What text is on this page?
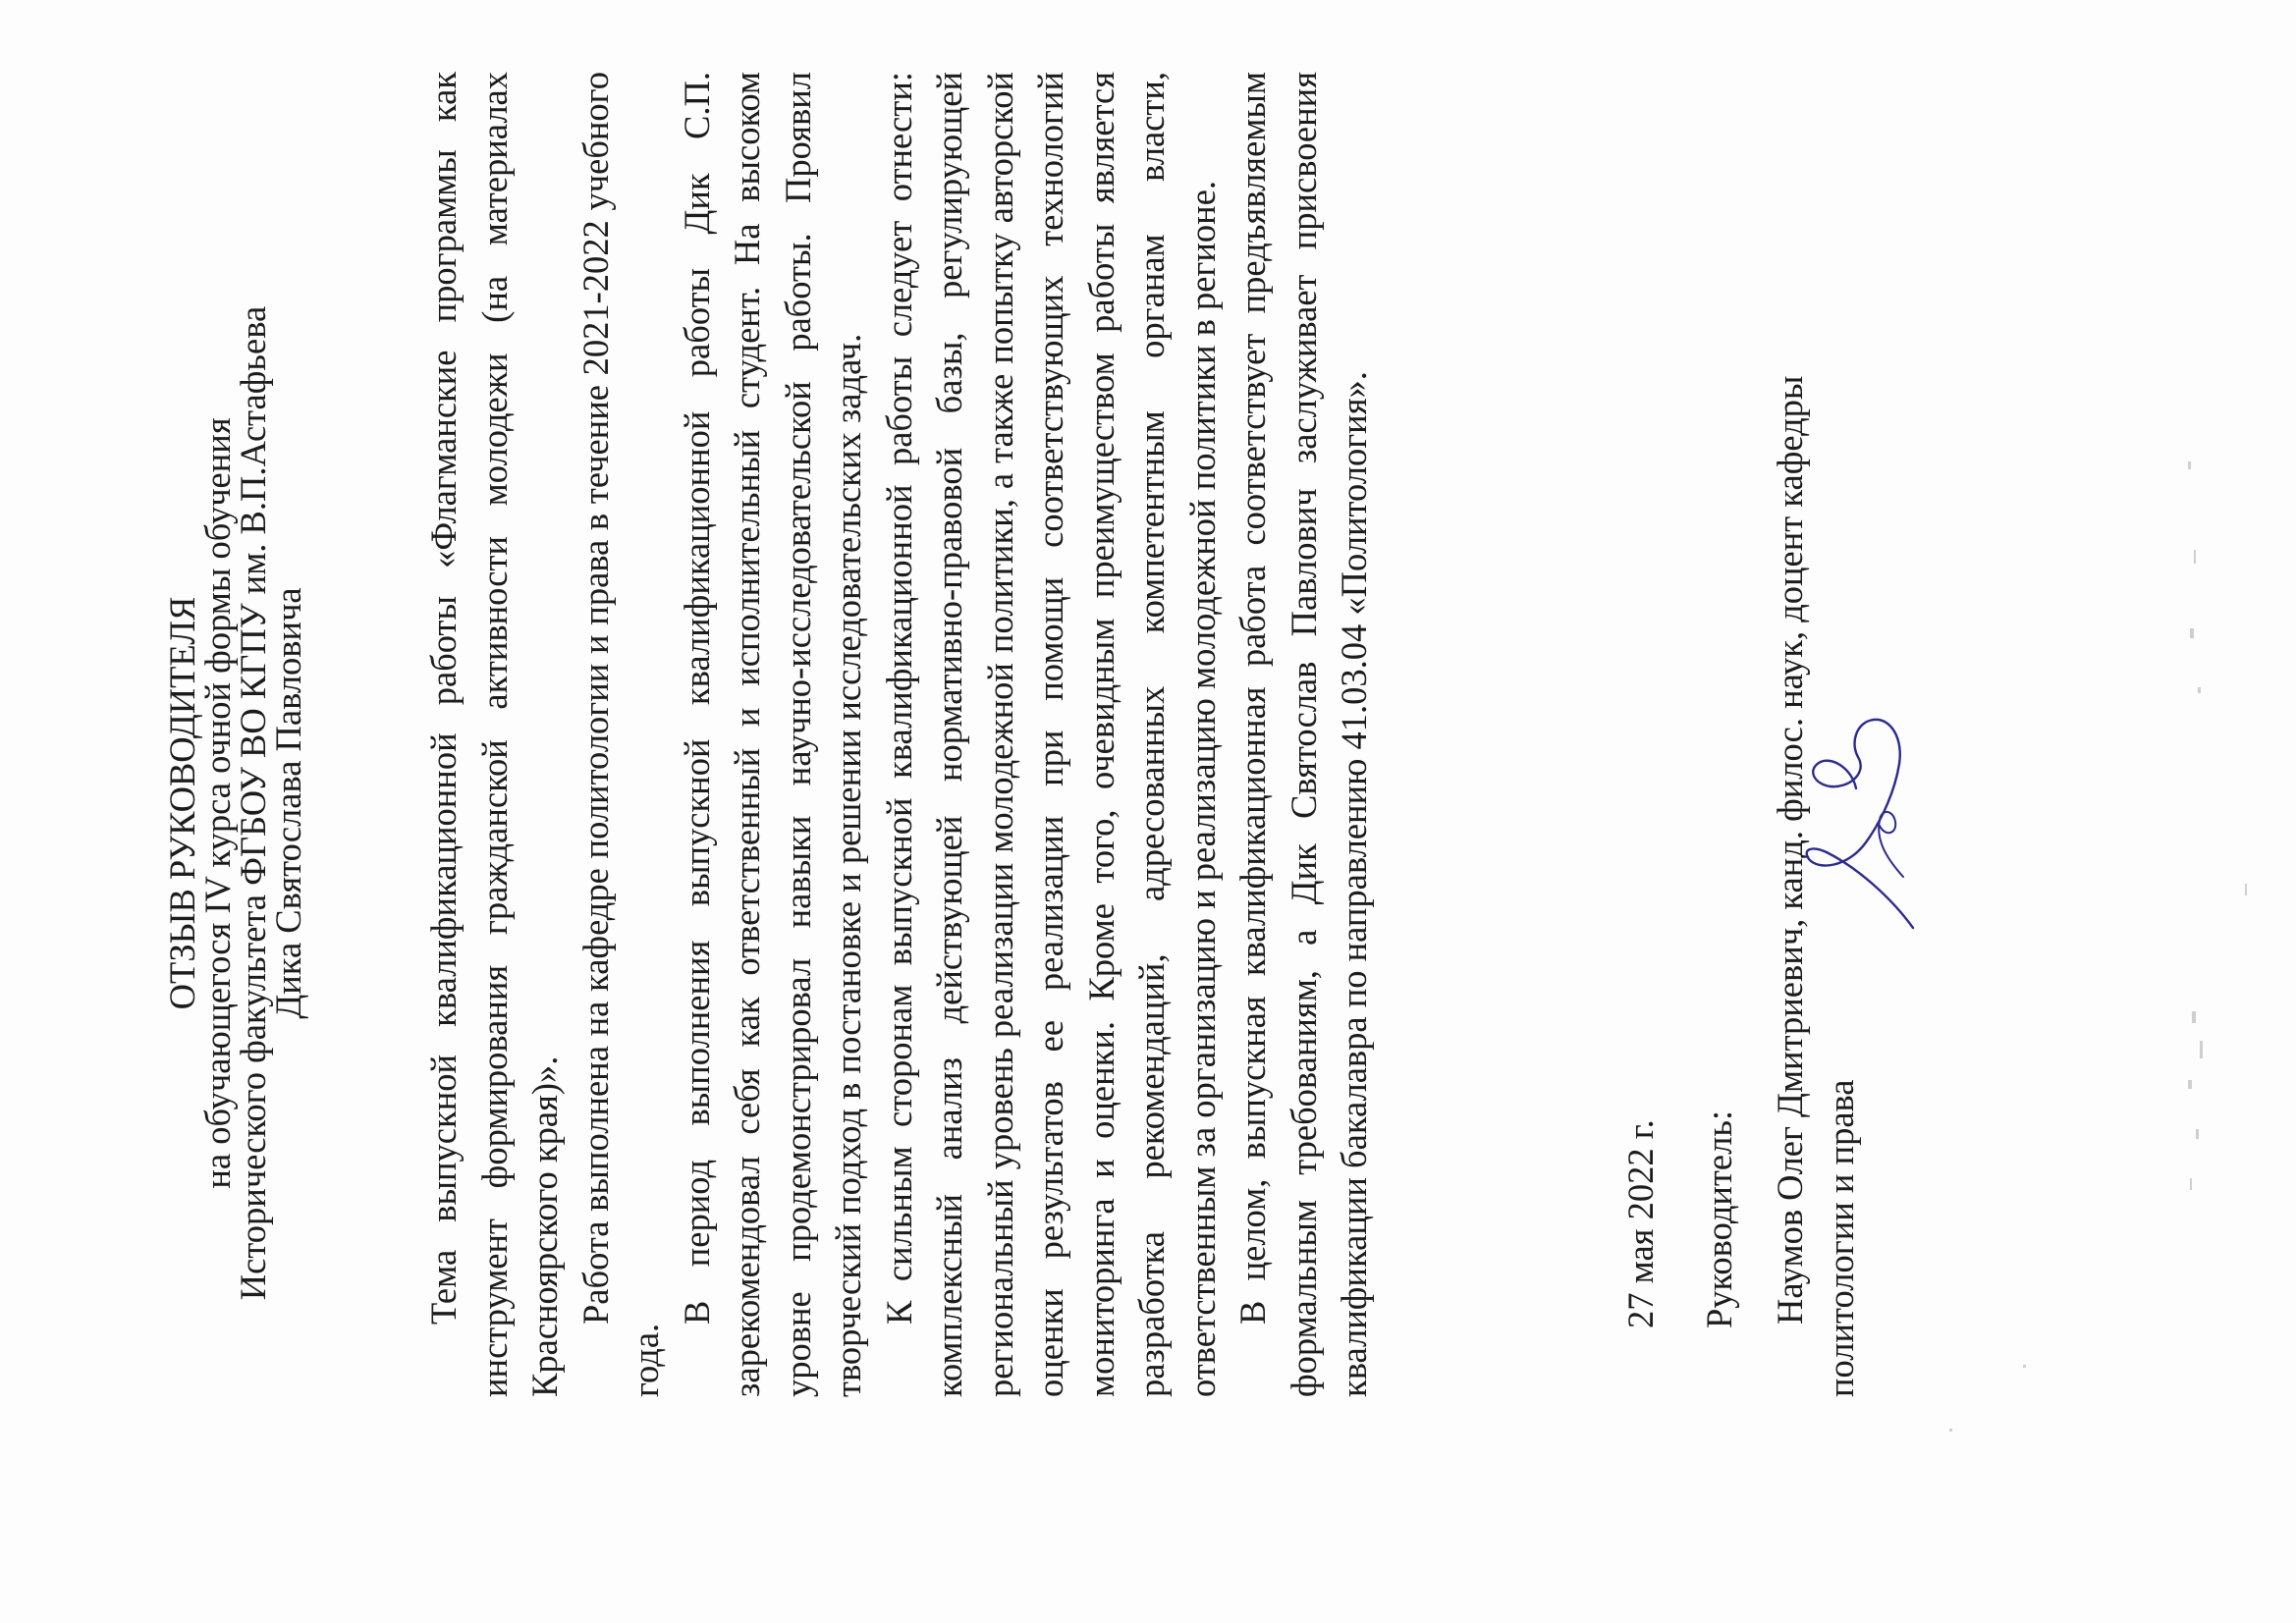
ОТЗЫВ РУКОВОДИТЕЛЯ
на обучающегося IV курса очной формы обучения
Исторического факультета ФГБОУ ВО КГПУ им. В.П.Астафьева
Дика Святослава Павловича	Тема выпускной квалификационной работы «Флагманские программы как инструмент формирования гражданской активности молодежи (на материалах Красноярского края)». Работа выполнена на кафедре политологии и права в течение 2021-2022 учебного года.

В период выполнения выпускной квалификационной работы Дик С.П. зарекомендовал себя как ответственный и исполнительный студент. На высоком уровне продемонстрировал навыки научно-исследовательской работы. Проявил творческий подход в постановке и решении исследовательских задач. К сильным сторонам выпускной квалификационной работы следует отнести: комплексный анализ действующей нормативно-правовой базы, регулирующей региональный уровень реализации молодежной политики, а также попытку авторской оценки результатов ее реализации при помощи соответствующих технологий мониторинга и оценки. Кроме того, очевидным преимуществом работы является разработка рекомендаций, адресованных компетентным органам власти, ответственным за организацию и реализацию молодежной политики в регионе. В целом, выпускная квалификационная работа соответствует предъявляемым формальным требованиям, а Дик Святослав Павлович заслуживает присвоения квалификации бакалавра по направлению 41.03.04 «Политология».	27 мая 2022 г. Руководитель: Наумов Олег Дмитриевич, канд. филос. наук, доцент кафедры политологии и права
